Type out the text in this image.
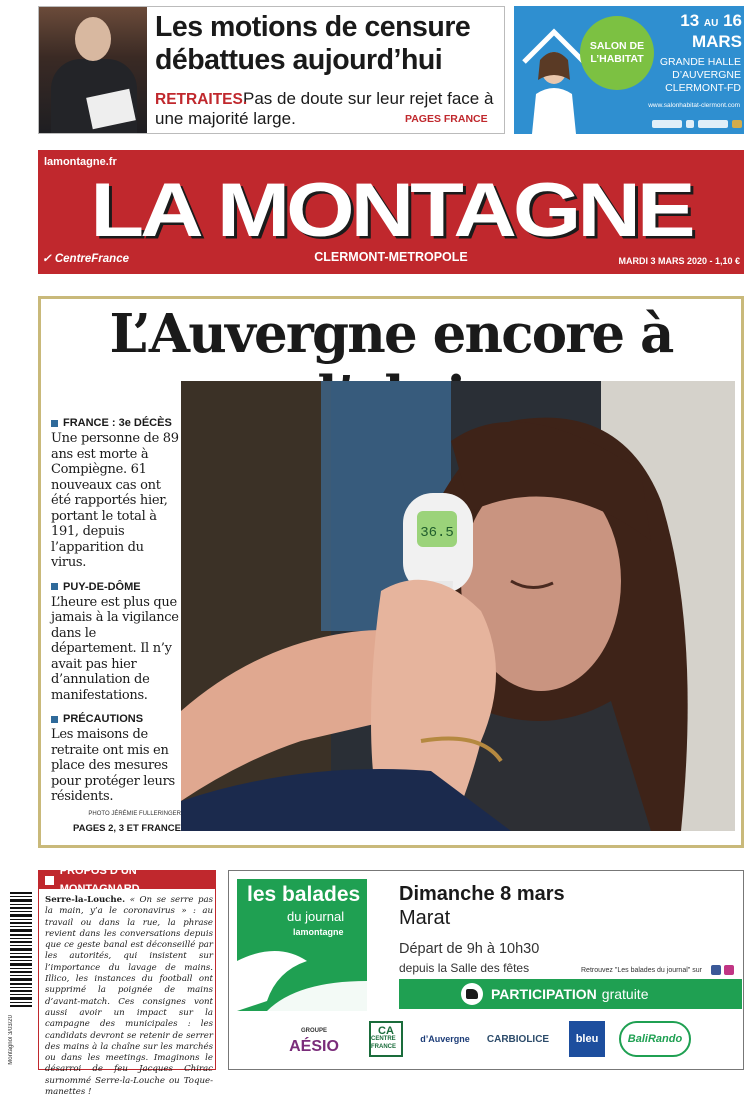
Les motions de censure débattues aujourd’hui
Pas de doute sur leur rejet face à une majorité large.
RETRAITES.
PAGES FRANCE
SALON DE
L’HABITAT
13 AU 16
MARS
GRANDE HALLE
D’AUVERGNE
CLERMONT-FD
www.salonhabitat-clermont.com
lamontagne.fr
LA MONTAGNE
✓ CentreFrance	CLERMONT-METROPOLE	MARDI 3 MARS 2020 - 1,10 €
L’Auvergne encore à
36.5
FRANCE : 3e DÉCÈS
Une personne de 89 ans est morte à Compiègne. 61 nouveaux cas ont été rapportés hier, portant le total à 191, depuis l’apparition du virus.
PUY-DE-DÔME
L’heure est plus que jamais à la vigilance dans le département. Il n’y avait pas hier d’annulation de manifestations.
PRÉCAUTIONS
Les maisons de retraite ont mis en place des mesures pour protéger leurs résidents.
PHOTO JÉRÉMIE FULLERINGER
PAGES 2, 3 ET FRANCE
Montagnol 3/03/20
PROPOS D’UN MONTAGNARD
Serre-la-Louche. « On se serre pas la main, y’a le coronavirus » : au travail ou dans la rue, la phrase revient dans les conversations depuis que ce geste banal est déconseillé par les autorités, qui insistent sur l’importance du lavage de mains. Illico, les instances du football ont supprimé la poignée de mains d’avant-match. Ces consignes vont aussi avoir un impact sur la campagne des municipales : les candidats devront se retenir de serrer des mains à la chaîne sur les marchés ou dans les meetings. Imaginons le désarroi de feu Jacques Chirac surnommé Serre-la-Louche ou Toque-manettes !
les balades
du journal
lamontagne
Dimanche 8 mars
Marat
Départ de 9h à 10h30
depuis la Salle des fêtes	Retrouvez "Les balades du journal" sur
PARTICIPATION gratuite
GROUPE
AÉSIO
CA
CENTRE FRANCE
d’Auvergne CARBIOLICE bleu	BaliRando
